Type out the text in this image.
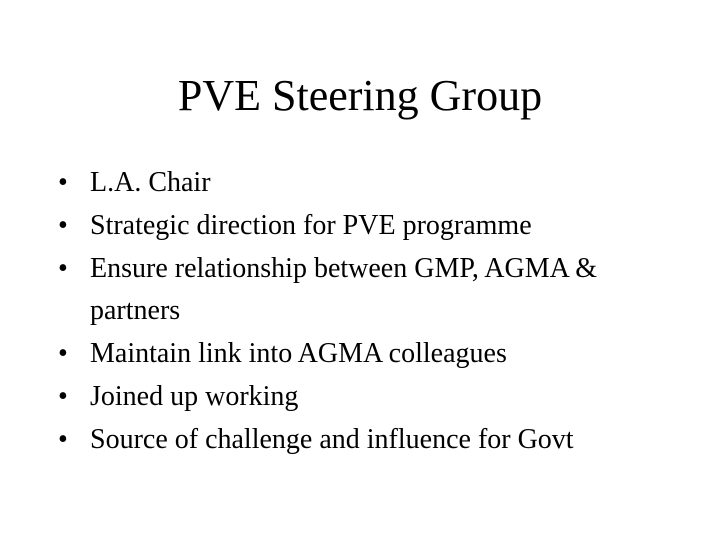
PVE Steering Group
• L.A. Chair
• Strategic direction for PVE programme
• Ensure relationship between GMP, AGMA & partners
• Maintain link into AGMA colleagues
• Joined up working
• Source of challenge and influence for Govt
